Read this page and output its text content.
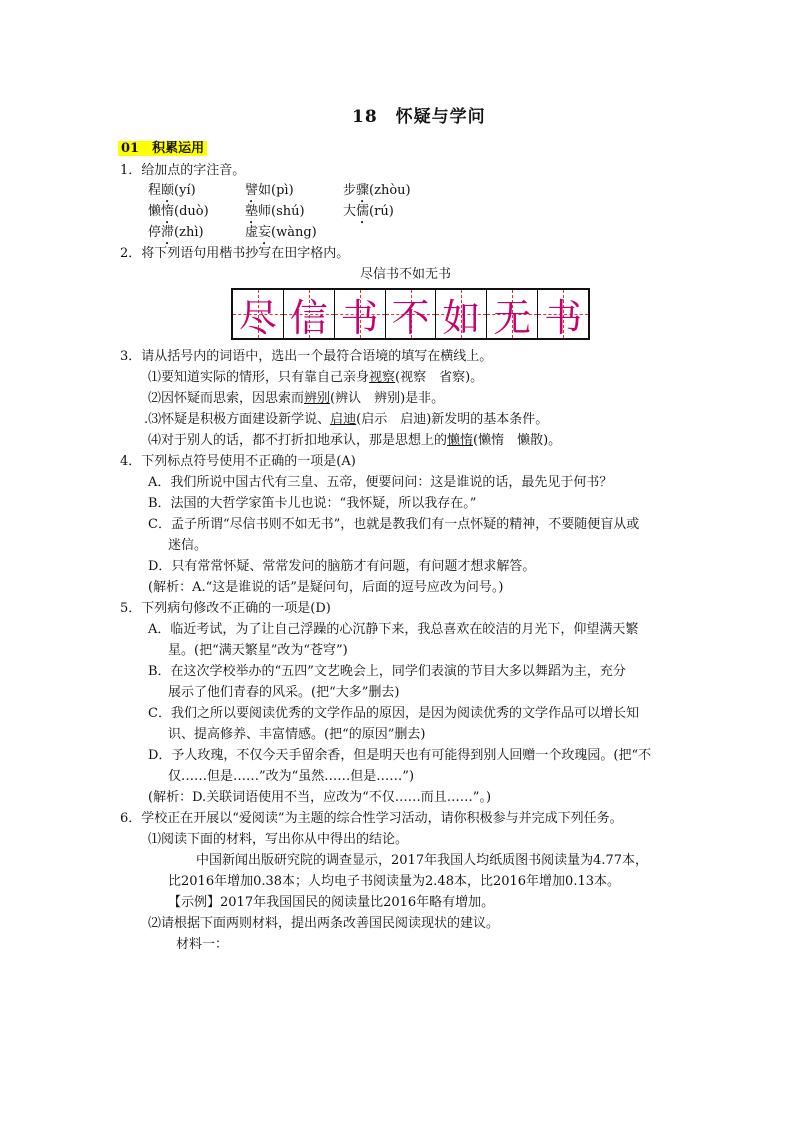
18　怀疑与学问
01　积累运用
1．给加点的字注音。
程颐(yí)	譬如(pì)	步骤(zhòu)
懒惰(duò)	塾师(shú)	大儒(rú)
停滞(zhì)	虚妄(wàng)
2．将下列语句用楷书抄写在田字格内。
尽信书不如无书
尽 信 书 不 如 无 书
3．请从括号内的词语中，选出一个最符合语境的填写在横线上。
⑴要知道实际的情形，只有靠自己亲身视察(视察　省察)。
⑵因怀疑而思索，因思索而辨别(辨认　辨别)是非。
.⑶怀疑是积极方面建设新学说、启迪(启示　启迪)新发明的基本条件。
⑷对于别人的话，都不打折扣地承认，那是思想上的懒惰(懒惰　懒散)。
4．下列标点符号使用不正确的一项是(A)
A．我们所说中国古代有三皇、五帝，便要问问：这是谁说的话，最先见于何书？
B．法国的大哲学家笛卡儿也说：“我怀疑，所以我存在。”
C．孟子所谓“尽信书则不如无书”，也就是教我们有一点怀疑的精神，不要随便盲从或
迷信。
D．只有常常怀疑、常常发问的脑筋才有问题，有问题才想求解答。
(解析：A.“这是谁说的话”是疑问句，后面的逗号应改为问号。)
5．下列病句修改不正确的一项是(D)
A．临近考试，为了让自己浮躁的心沉静下来，我总喜欢在皎洁的月光下，仰望满天繁
星。(把“满天繁星”改为“苍穹”)
B．在这次学校举办的“五四”文艺晚会上，同学们表演的节目大多以舞蹈为主，充分
展示了他们青春的风采。(把“大多”删去)
C．我们之所以要阅读优秀的文学作品的原因，是因为阅读优秀的文学作品可以增长知
识、提高修养、丰富情感。(把“的原因”删去)
D．予人玫瑰，不仅今天手留余香，但是明天也有可能得到别人回赠一个玫瑰园。(把“不
仅……但是……”改为“虽然……但是……”)
(解析：D.关联词语使用不当，应改为“不仅……而且……”。)
6．学校正在开展以“爱阅读”为主题的综合性学习活动，请你积极参与并完成下列任务。
⑴阅读下面的材料，写出你从中得出的结论。
中国新闻出版研究院的调查显示，2017年我国人均纸质图书阅读量为4.77本，
比2016年增加0.38本；人均电子书阅读量为2.48本，比2016年增加0.13本。
【示例】2017年我国国民的阅读量比2016年略有增加。
⑵请根据下面两则材料，提出两条改善国民阅读现状的建议。
材料一：
